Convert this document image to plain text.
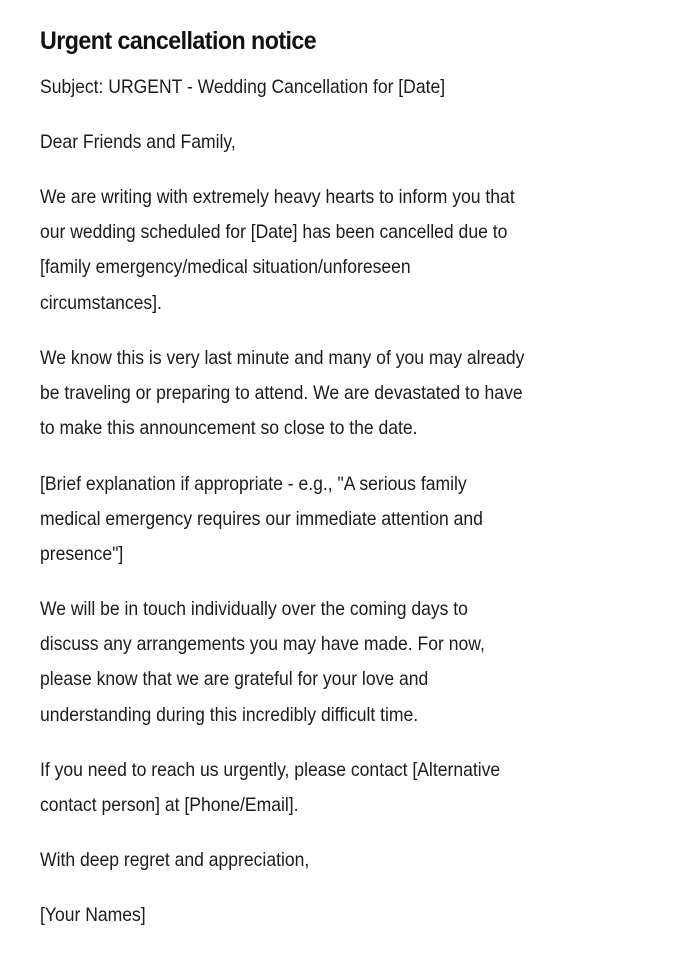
Urgent cancellation notice

Subject: URGENT - Wedding Cancellation for [Date]

Dear Friends and Family,

We are writing with extremely heavy hearts to inform you that
our wedding scheduled for [Date] has been cancelled due to
[family emergency/medical situation/unforeseen
circumstances].

We know this is very last minute and many of you may already
be traveling or preparing to attend. We are devastated to have
to make this announcement so close to the date.

[Brief explanation if appropriate - e.g., "A serious family
medical emergency requires our immediate attention and
presence"]

We will be in touch individually over the coming days to
discuss any arrangements you may have made. For now,
please know that we are grateful for your love and
understanding during this incredibly difficult time.

If you need to reach us urgently, please contact [Alternative
contact person] at [Phone/Email].

With deep regret and appreciation,

[Your Names]
